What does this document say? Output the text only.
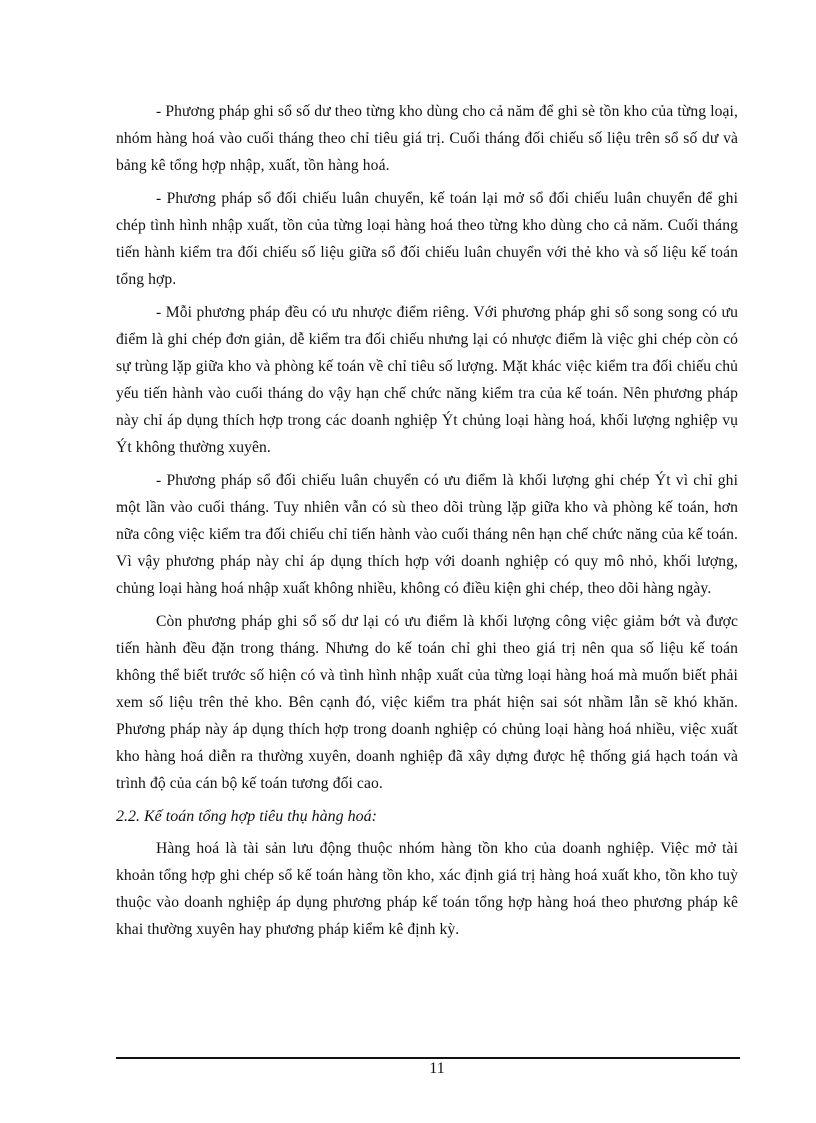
- Phương pháp ghi sổ số dư theo từng kho dùng cho cả năm để ghi sè tồn kho của từng loại, nhóm hàng hoá vào cuối tháng theo chỉ tiêu giá trị. Cuối tháng đối chiếu số liệu trên sổ số dư và bảng kê tổng hợp nhập, xuất, tồn hàng hoá.

- Phương pháp sổ đối chiếu luân chuyển, kế toán lại mở sổ đối chiếu luân chuyển để ghi chép tình hình nhập xuất, tồn của từng loại hàng hoá theo từng kho dùng cho cả năm. Cuối tháng tiến hành kiểm tra đối chiếu số liệu giữa sổ đối chiếu luân chuyển với thẻ kho và số liệu kế toán tổng hợp.

- Mỗi phương pháp đều có ưu nhược điểm riêng. Với phương pháp ghi sổ song song có ưu điểm là ghi chép đơn giản, dễ kiểm tra đối chiếu nhưng lại có nhược điểm là việc ghi chép còn có sự trùng lặp giữa kho và phòng kế toán về chỉ tiêu số lượng. Mặt khác việc kiểm tra đối chiếu chủ yếu tiến hành vào cuối tháng do vậy hạn chế chức năng kiểm tra của kế toán. Nên phương pháp này chỉ áp dụng thích hợp trong các doanh nghiệp Ýt chủng loại hàng hoá, khối lượng nghiệp vụ Ýt không thường xuyên.

- Phương pháp sổ đối chiếu luân chuyển có ưu điểm là khối lượng ghi chép Ýt vì chỉ ghi một lần vào cuối tháng. Tuy nhiên vẫn có sù theo dõi trùng lặp giữa kho và phòng kế toán, hơn nữa công việc kiểm tra đối chiếu chỉ tiến hành vào cuối tháng nên hạn chế chức năng của kế toán. Vì vậy phương pháp này chỉ áp dụng thích hợp với doanh nghiệp có quy mô nhỏ, khối lượng, chủng loại hàng hoá nhập xuất không nhiều, không có điều kiện ghi chép, theo dõi hàng ngày.

Còn phương pháp ghi sổ số dư lại có ưu điểm là khối lượng công việc giảm bớt và được tiến hành đều đặn trong tháng. Nhưng do kế toán chỉ ghi theo giá trị nên qua số liệu kế toán không thể biết trước số hiện có và tình hình nhập xuất của từng loại hàng hoá mà muốn biết phải xem số liệu trên thẻ kho. Bên cạnh đó, việc kiểm tra phát hiện sai sót nhầm lẫn sẽ khó khăn. Phương pháp này áp dụng thích hợp trong doanh nghiệp có chủng loại hàng hoá nhiều, việc xuất kho hàng hoá diễn ra thường xuyên, doanh nghiệp đã xây dựng được hệ thống giá hạch toán và trình độ của cán bộ kế toán tương đối cao.

2.2. Kế toán tổng hợp tiêu thụ hàng hoá:

Hàng hoá là tài sản lưu động thuộc nhóm hàng tồn kho của doanh nghiệp. Việc mở tài khoản tổng hợp ghi chép sổ kế toán hàng tồn kho, xác định giá trị hàng hoá xuất kho, tồn kho tuỳ thuộc vào doanh nghiệp áp dụng phương pháp kế toán tổng hợp hàng hoá theo phương pháp kê khai thường xuyên hay phương pháp kiểm kê định kỳ.

11
